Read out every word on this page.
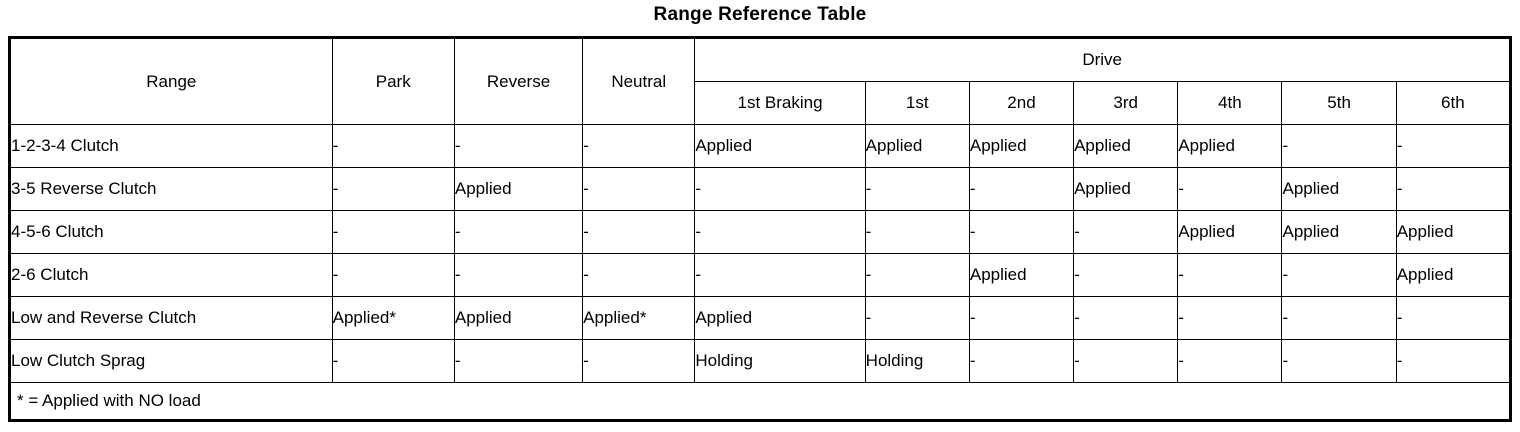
Range Reference Table
Range	Park	Reverse	Neutral	Drive						
				1st Braking	1st	2nd	3rd	4th	5th	6th
1-2-3-4 Clutch	-	-	-	Applied	Applied	Applied	Applied	Applied	-	-
3-5 Reverse Clutch	-	Applied	-	-	-	-	Applied	-	Applied	-
4-5-6 Clutch	-	-	-	-	-	-	-	Applied	Applied	Applied
2-6 Clutch	-	-	-	-	-	Applied	-	-	-	Applied
Low and Reverse Clutch	Applied*	Applied	Applied*	Applied	-	-	-	-	-	-
Low Clutch Sprag	-	-	-	Holding	Holding	-	-	-	-	-
* = Applied with NO load										
